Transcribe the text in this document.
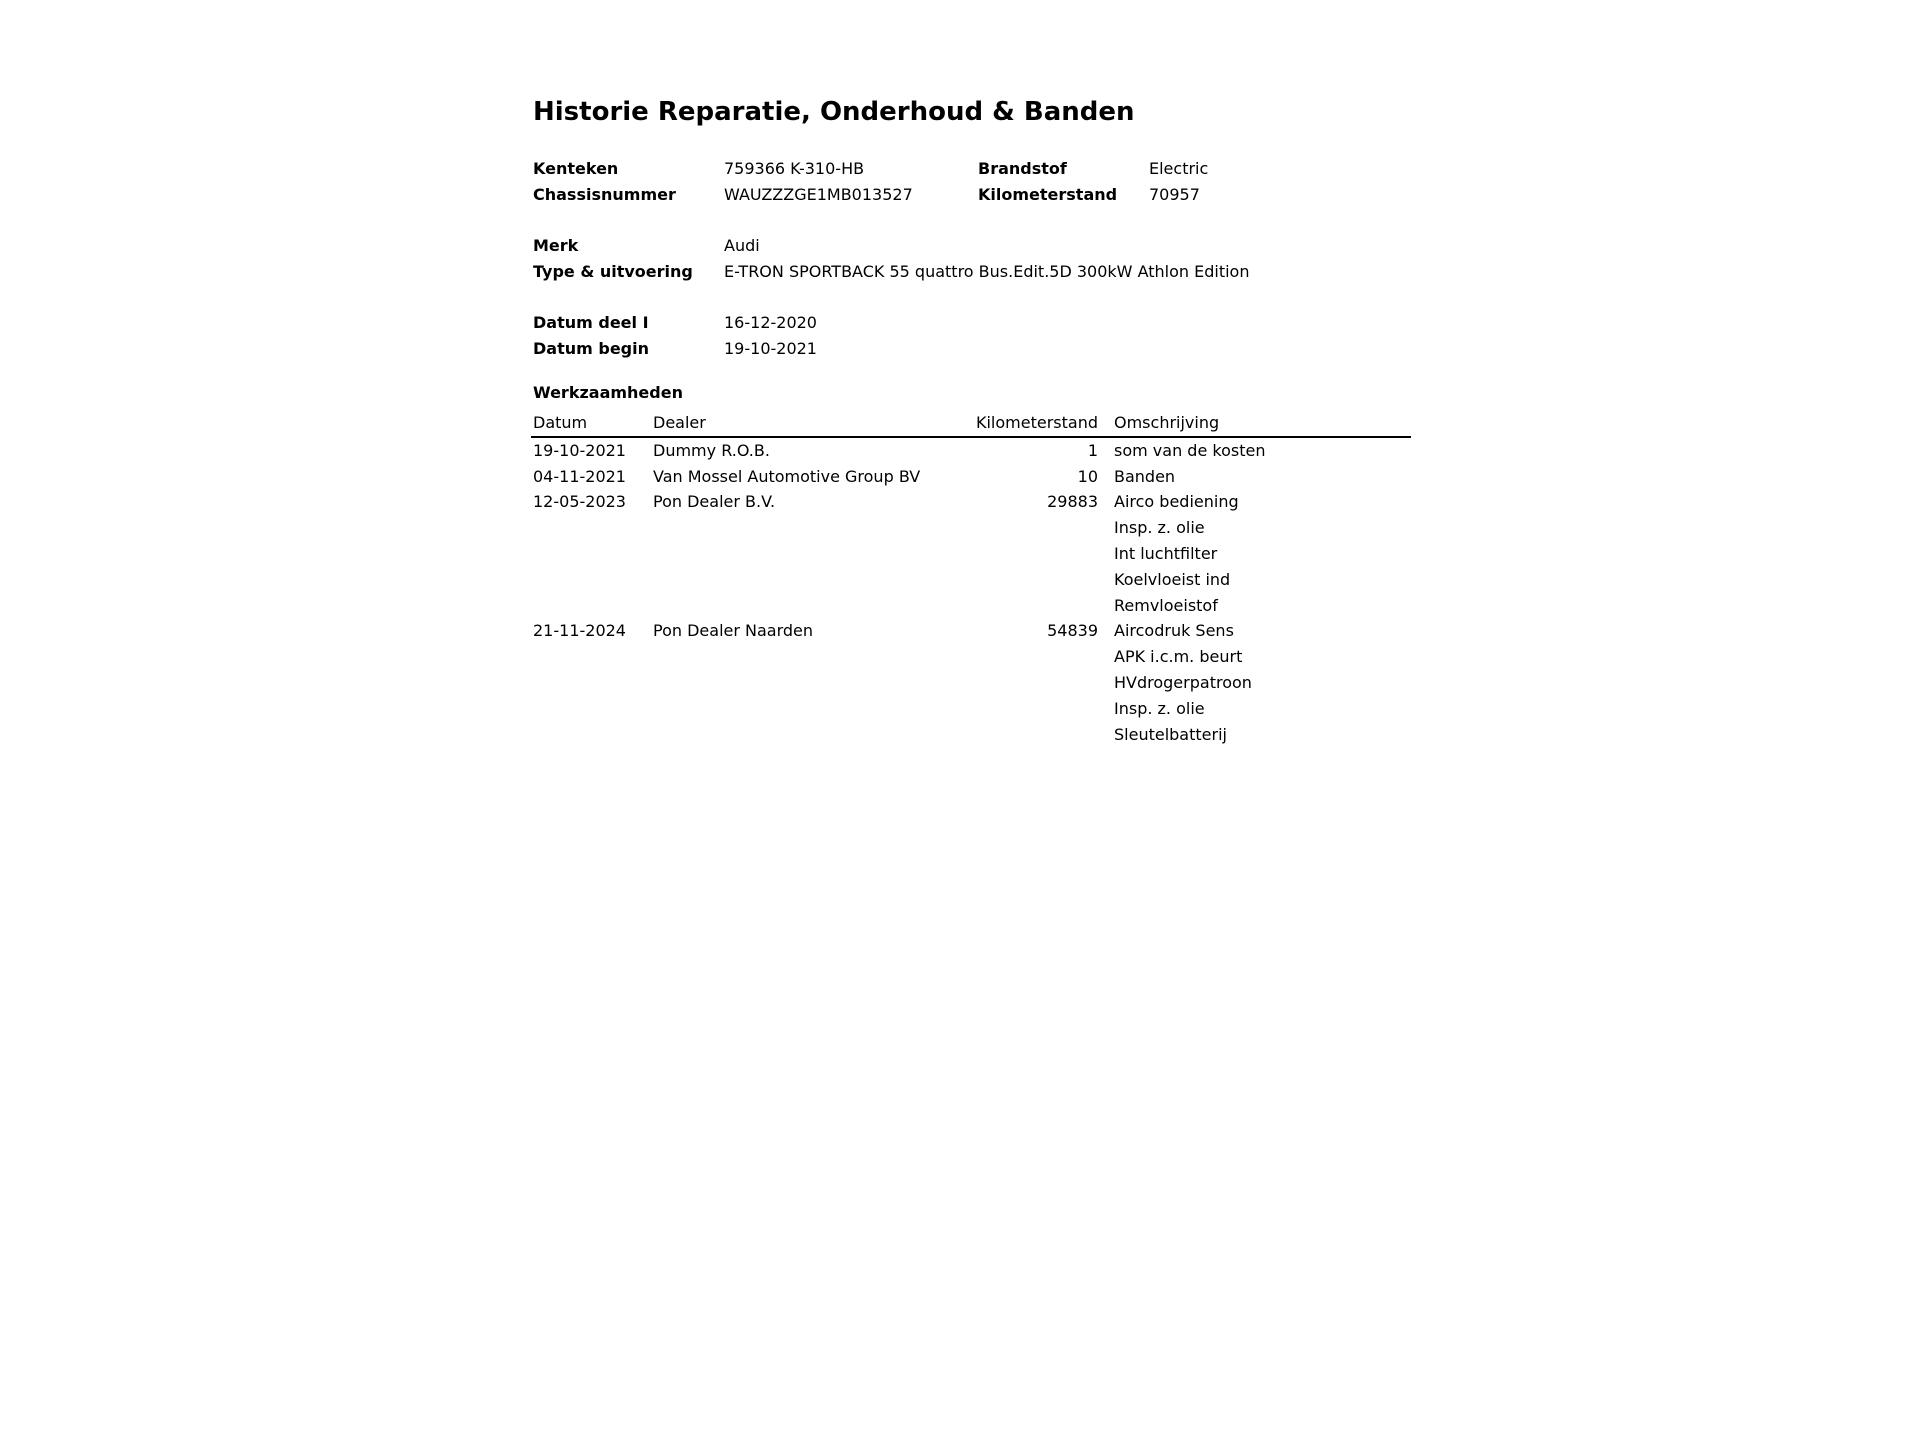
Historie Reparatie, Onderhoud & Banden
Kenteken	759366 K-310-HB	Brandstof	Electric
Chassisnummer	WAUZZZGE1MB013527	Kilometerstand 70957
Merk	Audi
Type & uitvoering E-TRON SPORTBACK 55 quattro Bus.Edit.5D 300kW Athlon Edition
Datum deel I	16-12-2020
Datum begin	19-10-2021
Werkzaamheden
Datum	Dealer	Kilometerstand	Omschrijving
19-10-2021	Dummy R.O.B.	1	som van de kosten
04-11-2021	Van Mossel Automotive Group BV	10	Banden
12-05-2023	Pon Dealer B.V.	29883	Airco bediening
			Insp. z. olie
			Int luchtfilter
			Koelvloeist ind
			Remvloeistof
21-11-2024	Pon Dealer Naarden	54839	Aircodruk Sens
			APK i.c.m. beurt
			HVdrogerpatroon
			Insp. z. olie
			Sleutelbatterij
